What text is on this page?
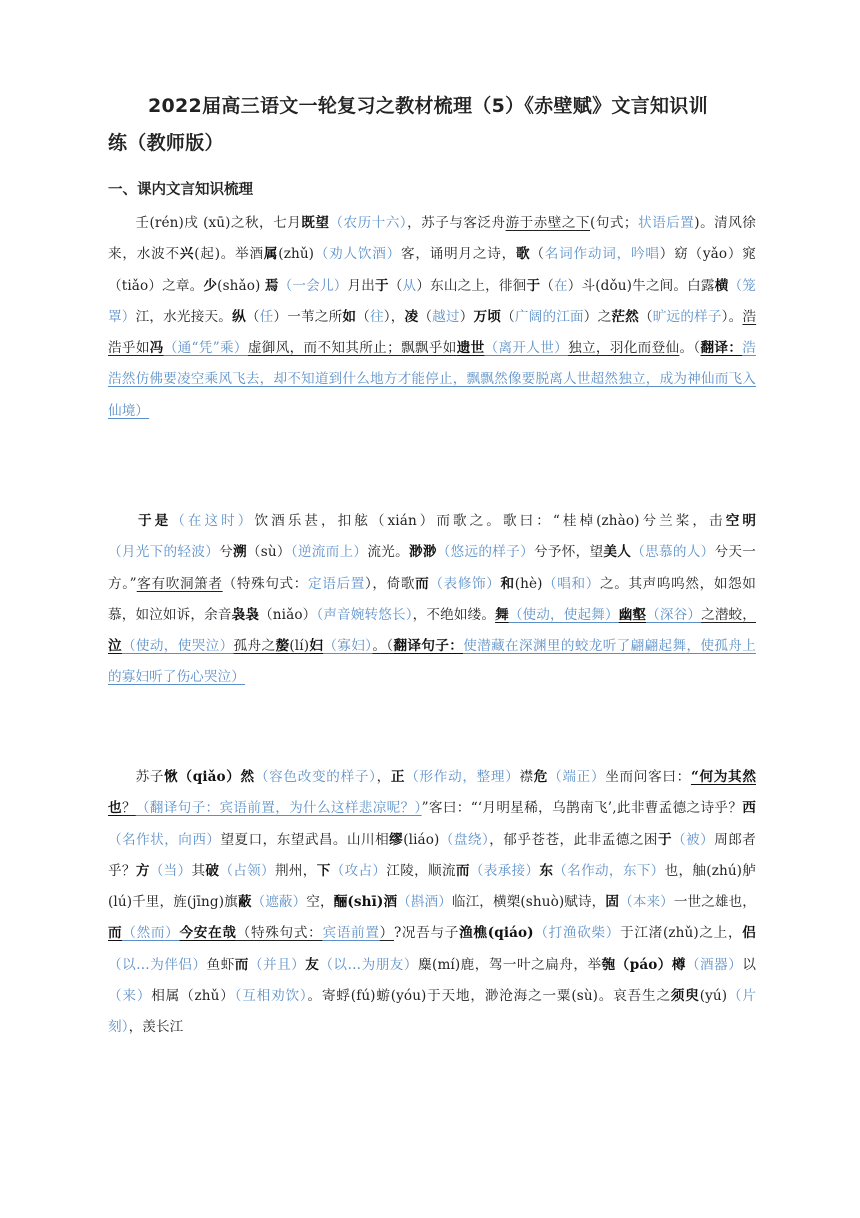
2022届高三语文一轮复习之教材梳理（5）《赤壁赋》文言知识训
练（教师版）
一、课内文言知识梳理
壬(rén)戌 (xū)之秋，七月既望（农历十六），苏子与客泛舟游于赤壁之下(句式；状语后置)。清风徐来，水波不兴(起)。举酒属(zhǔ)（劝人饮酒）客，诵明月之诗，歌（名词作动词，吟唱）窈（yǎo）窕（tiǎo）之章。少(shǎo) 焉（一会儿）月出于（从）东山之上，徘徊于（在）斗(dǒu)牛之间。白露横（笼罩）江，水光接天。纵（任）一苇之所如（往），凌（越过）万顷（广阔的江面）之茫然（旷远的样子）。浩浩乎如冯（通“凭”乘）虚御风，而不知其所止；飘飘乎如遗世（离开人世）独立，羽化而登仙。（翻译：浩浩然仿佛要凌空乘风飞去，却不知道到什么地方才能停止，飘飘然像要脱离人世超然独立，成为神仙而飞入仙境）
于是（在这时）饮酒乐甚，扣舷（xián）而歌之。歌曰：“桂棹(zhào)兮兰桨，击空明（月光下的轻波）兮溯（sù）（逆流而上）流光。渺渺（悠远的样子）兮予怀，望美人（思慕的人）兮天一方。”客有吹洞箫者（特殊句式：定语后置），倚歌而（表修饰）和(hè)（唱和）之。其声呜呜然，如怨如慕，如泣如诉，余音袅袅（niǎo）（声音婉转悠长），不绝如缕。舞（使动，使起舞）幽壑（深谷）之潜蛟，泣（使动，使哭泣）孤舟之嫠(lí)妇（寡妇）。（翻译句子：使潜藏在深渊里的蛟龙听了翩翩起舞，使孤舟上的寡妇听了伤心哭泣）
苏子愀（qiǎo）然（容色改变的样子），正（形作动，整理）襟危（端正）坐而问客曰：“何为其然也？（翻译句子：宾语前置，为什么这样悲凉呢？）”客曰：“‘月明星稀，乌鹊南飞’,此非曹孟德之诗乎？西（名作状，向西）望夏口，东望武昌。山川相缪(liáo)（盘绕），郁乎苍苍，此非孟德之困于（被）周郎者乎？方（当）其破（占领）荆州，下（攻占）江陵，顺流而（表承接）东（名作动，东下）也，舳(zhú)舻(lú)千里，旌(jīng)旗蔽（遮蔽）空，酾(shī)酒（斟酒）临江，横槊(shuò)赋诗，固（本来）一世之雄也，而（然而）今安在哉（特殊句式：宾语前置）?况吾与子渔樵(qiáo)（打渔砍柴）于江渚(zhǔ)之上，侣（以…为伴侣）鱼虾而（并且）友（以…为朋友）麋(mí)鹿，驾一叶之扁舟，举匏（páo）樽（酒器）以（来）相属（zhǔ）（互相劝饮）。寄蜉(fú)蝣(yóu)于天地，渺沧海之一粟(sù)。哀吾生之须臾(yú)（片刻），羡长江
